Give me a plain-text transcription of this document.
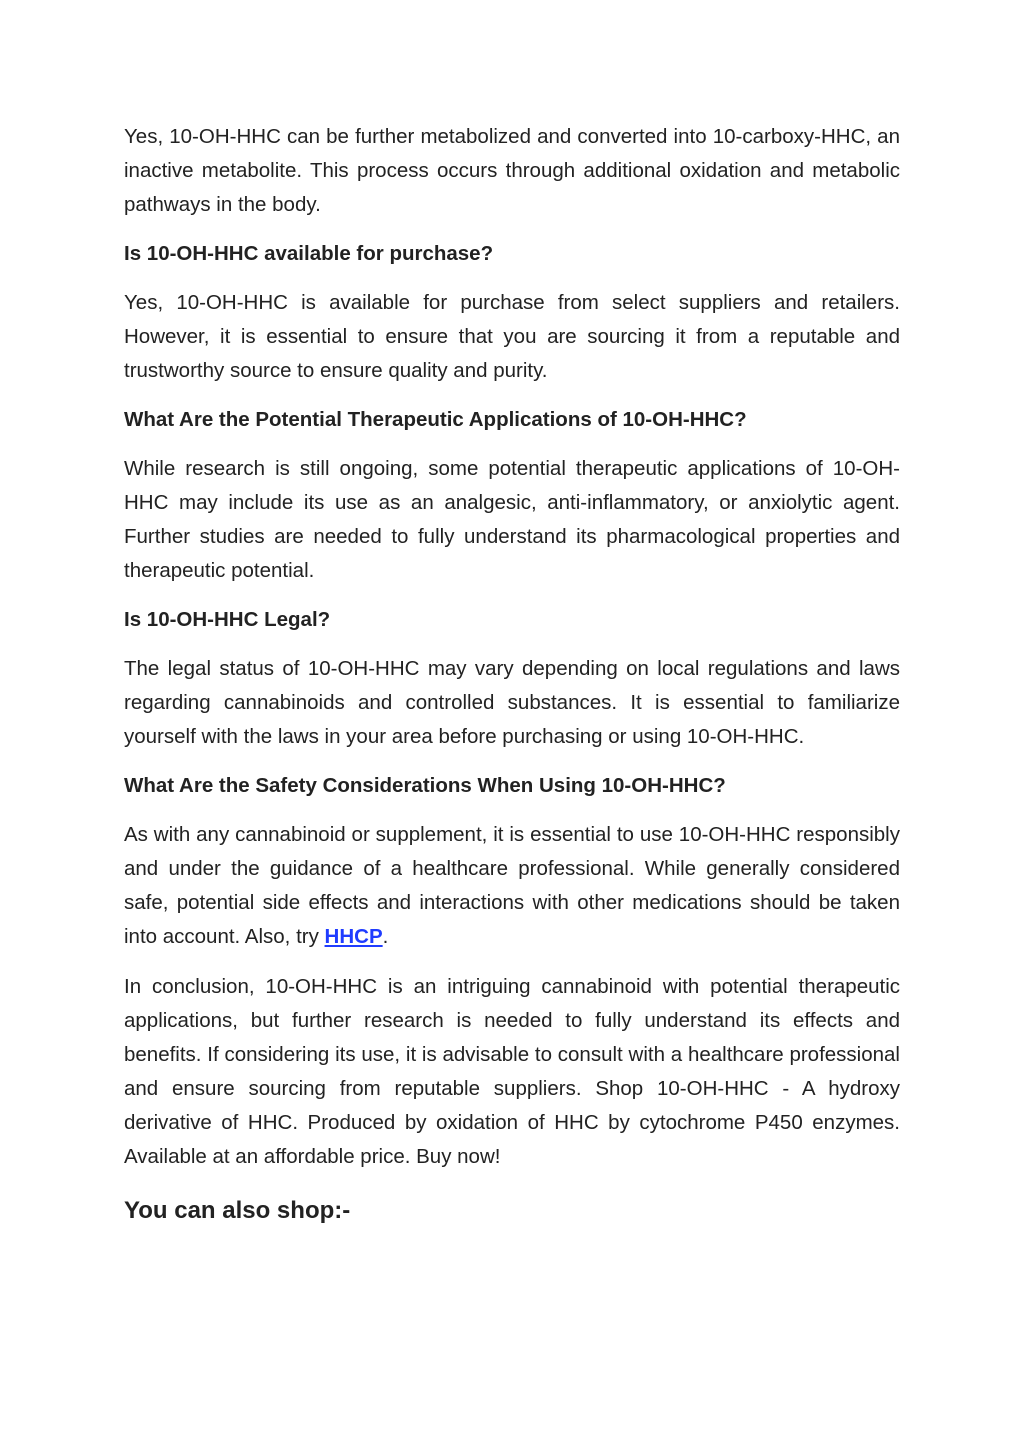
Yes, 10-OH-HHC can be further metabolized and converted into 10-carboxy-HHC, an inactive metabolite. This process occurs through additional oxidation and metabolic pathways in the body.

Is 10-OH-HHC available for purchase?

Yes, 10-OH-HHC is available for purchase from select suppliers and retailers. However, it is essential to ensure that you are sourcing it from a reputable and trustworthy source to ensure quality and purity.

What Are the Potential Therapeutic Applications of 10-OH-HHC?

While research is still ongoing, some potential therapeutic applications of 10-OH-HHC may include its use as an analgesic, anti-inflammatory, or anxiolytic agent. Further studies are needed to fully understand its pharmacological properties and therapeutic potential.

Is 10-OH-HHC Legal?

The legal status of 10-OH-HHC may vary depending on local regulations and laws regarding cannabinoids and controlled substances. It is essential to familiarize yourself with the laws in your area before purchasing or using 10-OH-HHC.

What Are the Safety Considerations When Using 10-OH-HHC?

As with any cannabinoid or supplement, it is essential to use 10-OH-HHC responsibly and under the guidance of a healthcare professional. While generally considered safe, potential side effects and interactions with other medications should be taken into account. Also, try HHCP.

In conclusion, 10-OH-HHC is an intriguing cannabinoid with potential therapeutic applications, but further research is needed to fully understand its effects and benefits. If considering its use, it is advisable to consult with a healthcare professional and ensure sourcing from reputable suppliers. Shop 10-OH-HHC - A hydroxy derivative of HHC. Produced by oxidation of HHC by cytochrome P450 enzymes. Available at an affordable price. Buy now!

You can also shop:-
